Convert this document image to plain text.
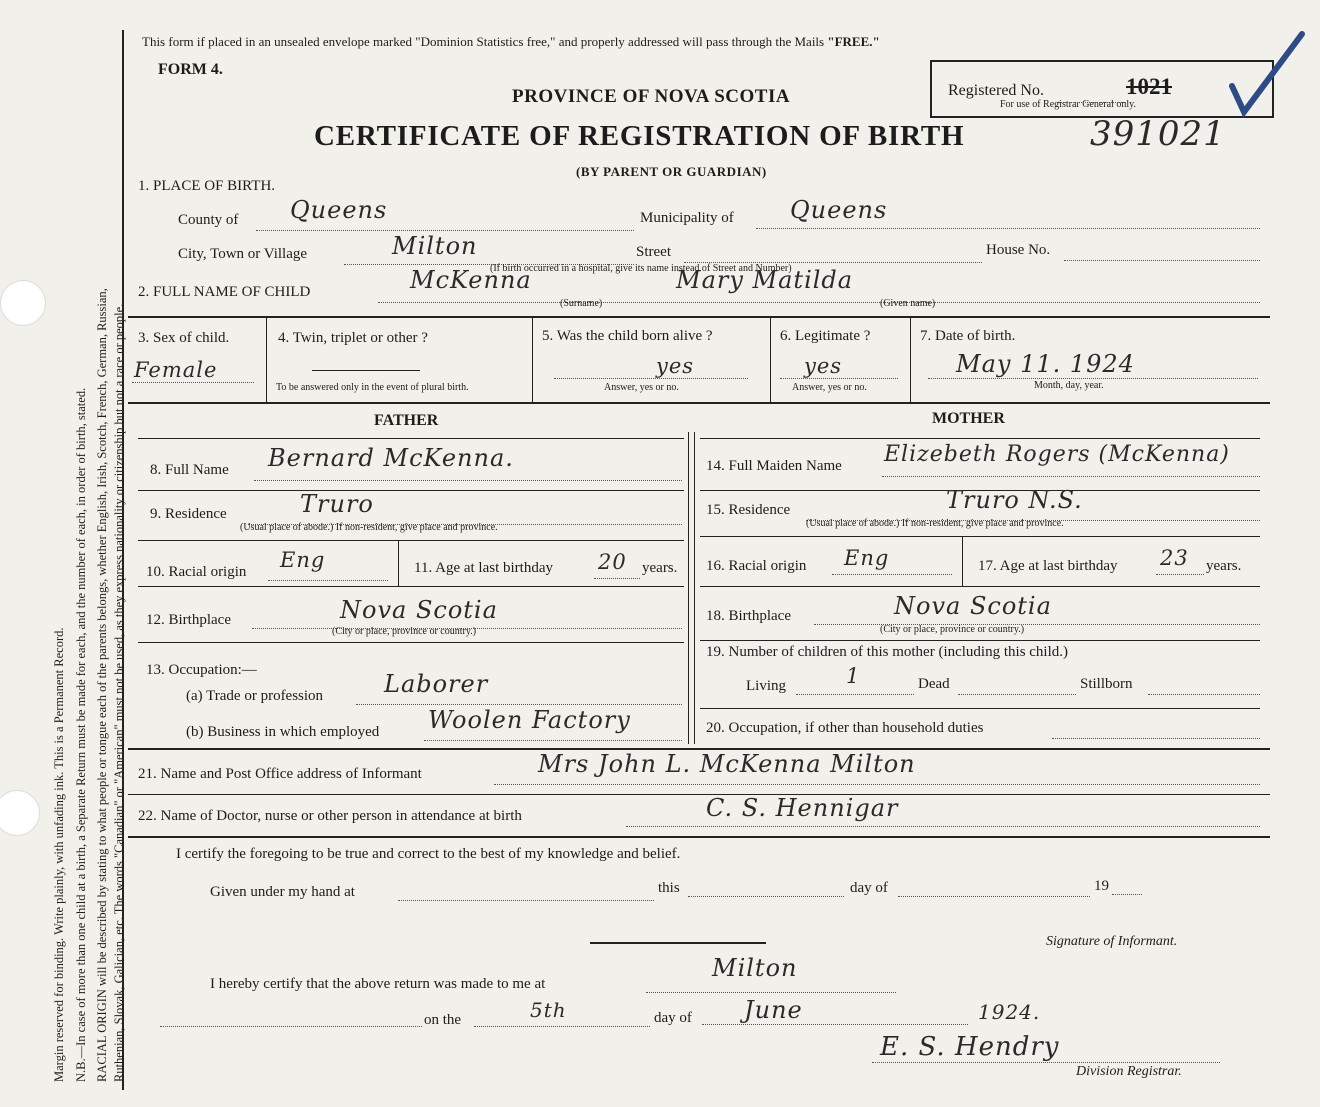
Margin reserved for binding. Write plainly, with unfading ink. This is a Permanent Record. N.B.—In case of more than one child at a birth, a Separate Return must be made for each, and the number of each, in order of birth, stated. RACIAL ORIGIN will be described by stating to what people or tongue each of the parents belongs, whether English, Irish, Scotch, French, German, Russian, Ruthenian, Slovak, Galician, etc. The words "Canadian" or "American" must not be used, as they express nationality or citizenship but not a race or people.
This form if placed in an unsealed envelope marked "Dominion Statistics free," and properly addressed will pass through the Mails "FREE."
FORM 4.
PROVINCE OF NOVA SCOTIA
CERTIFICATE OF REGISTRATION OF BIRTH
(BY PARENT OR GUARDIAN)
391021
Registered No.	1021
For use of Registrar General only.
1. PLACE OF BIRTH.
County of Queens	Municipality of Queens
City, Town or Village	Milton	Street	House No.
(If birth occurred in a hospital, give its name instead of Street and Number)
2. FULL NAME OF CHILD	McKenna	Mary Matilda
(Surname)	(Given name)
3. Sex of child.
Female
4. Twin, triplet or other ?
To be answered only in the event of plural birth.
5. Was the child born alive ?
yes
Answer, yes or no.
6. Legitimate ?
yes
Answer, yes or no.
7. Date of birth.
May 11. 1924
Month, day, year.
FATHER	MOTHER
8. Full Name Bernard McKenna.
9. Residence	Truro
(Usual place of abode.) If non-resident, give place and province.
10. Racial origin Eng	11. Age at last birthday 20 years.
12. Birthplace	Nova Scotia
(City or place, province or country.)
13. Occupation:—
(a) Trade or profession	Laborer
(b) Business in which employed Woolen Factory
14. Full Maiden Name Elizebeth Rogers (McKenna)
15. Residence	Truro N.S.
(Usual place of abode.) If non-resident, give place and province.
16. Racial origin Eng	17. Age at last birthday 23 years.
18. Birthplace	Nova Scotia
(City or place, province or country.)
19. Number of children of this mother (including this child.)
Living	1	Dead	Stillborn
20. Occupation, if other than household duties
21. Name and Post Office address of Informant	Mrs John L. McKenna Milton
22. Name of Doctor, nurse or other person in attendance at birth	C. S. Hennigar
I certify the foregoing to be true and correct to the best of my knowledge and belief.
Given under my hand at	this	day of	19
Signature of Informant.
I hereby certify that the above return was made to me at
Milton
on the	5th	day of June	1924.
E. S. Hendry
Division Registrar.
